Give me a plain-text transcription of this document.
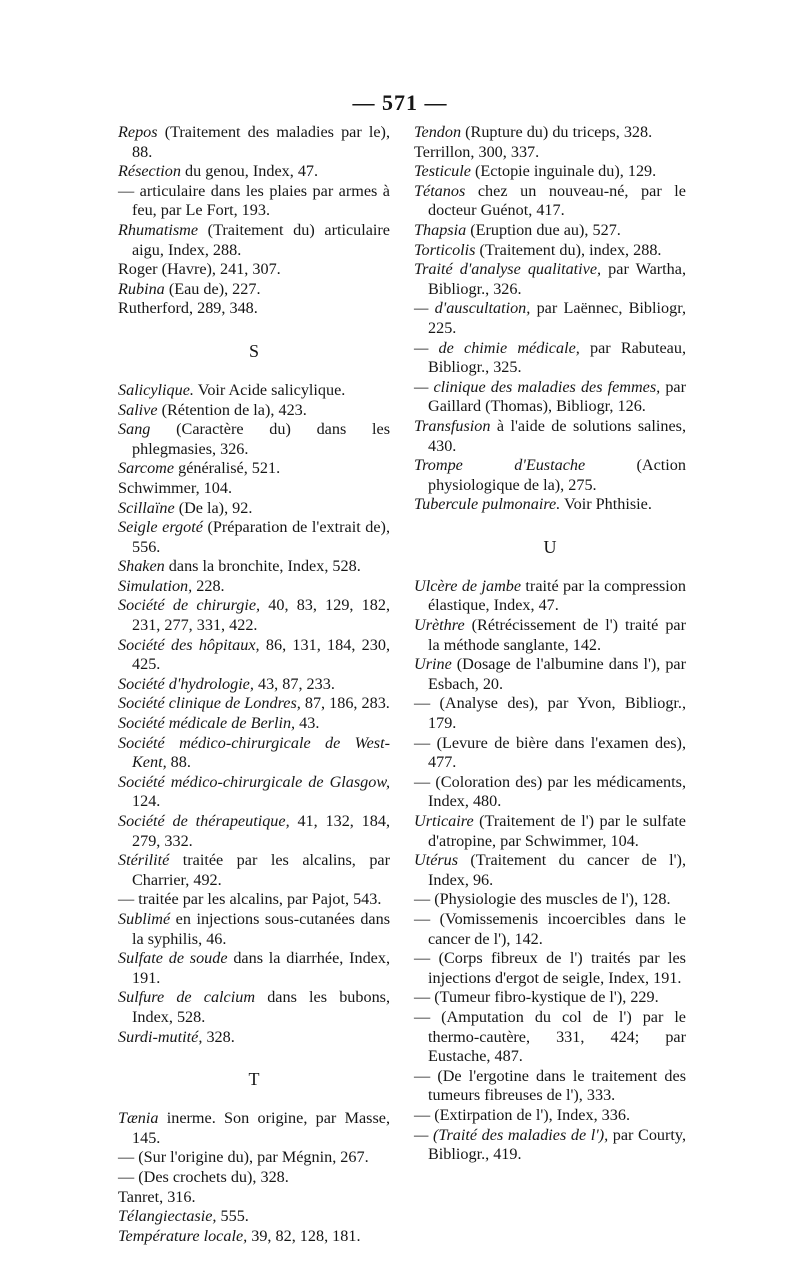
— 571 —

Repos (Traitement des maladies par le), 88.

Résection du genou, Index, 47.

— articulaire dans les plaies par armes à feu, par Le Fort, 193.

Rhumatisme (Traitement du) articulaire aigu, Index, 288.

Roger (Havre), 241, 307.

Rubina (Eau de), 227.

Rutherford, 289, 348.

S

Salicylique. Voir Acide salicylique.

Salive (Rétention de la), 423.

Sang (Caractère du) dans les phlegmasies, 326.

Sarcome généralisé, 521.

Schwimmer, 104.

Scillaïne (De la), 92.

Seigle ergoté (Préparation de l'extrait de), 556.

Shaken dans la bronchite, Index, 528.

Simulation, 228.

Société de chirurgie, 40, 83, 129, 182, 231, 277, 331, 422.

Société des hôpitaux, 86, 131, 184, 230, 425.

Société d'hydrologie, 43, 87, 233.

Société clinique de Londres, 87, 186, 283.

Société médicale de Berlin, 43.

Société médico-chirurgicale de West-Kent, 88.

Société médico-chirurgicale de Glasgow, 124.

Société de thérapeutique, 41, 132, 184, 279, 332.

Stérilité traitée par les alcalins, par Charrier, 492.

— traitée par les alcalins, par Pajot, 543.

Sublimé en injections sous-cutanées dans la syphilis, 46.

Sulfate de soude dans la diarrhée, Index, 191.

Sulfure de calcium dans les bubons, Index, 528.

Surdi-mutité, 328.

T

Tænia inerme. Son origine, par Masse, 145.

— (Sur l'origine du), par Mégnin, 267.

— (Des crochets du), 328.

Tanret, 316.

Télangiectasie, 555.

Température locale, 39, 82, 128, 181.

Tendon (Rupture du) du triceps, 328.

Terrillon, 300, 337.

Testicule (Ectopie inguinale du), 129.

Tétanos chez un nouveau-né, par le docteur Guénot, 417.

Thapsia (Eruption due au), 527.

Torticolis (Traitement du), index, 288.

Traité d'analyse qualitative, par Wartha, Bibliogr., 326.

— d'auscultation, par Laënnec, Bibliogr, 225.

— de chimie médicale, par Rabuteau, Bibliogr., 325.

— clinique des maladies des femmes, par Gaillard (Thomas), Bibliogr, 126.

Transfusion à l'aide de solutions salines, 430.

Trompe d'Eustache (Action physiologique de la), 275.

Tubercule pulmonaire. Voir Phthisie.

U

Ulcère de jambe traité par la compression élastique, Index, 47.

Urèthre (Rétrécissement de l') traité par la méthode sanglante, 142.

Urine (Dosage de l'albumine dans l'), par Esbach, 20.

— (Analyse des), par Yvon, Bibliogr., 179.

— (Levure de bière dans l'examen des), 477.

— (Coloration des) par les médicaments, Index, 480.

Urticaire (Traitement de l') par le sulfate d'atropine, par Schwimmer, 104.

Utérus (Traitement du cancer de l'), Index, 96.

— (Physiologie des muscles de l'), 128.

— (Vomissemenis incoercibles dans le cancer de l'), 142.

— (Corps fibreux de l') traités par les injections d'ergot de seigle, Index, 191.

— (Tumeur fibro-kystique de l'), 229.

— (Amputation du col de l') par le thermo-cautère, 331, 424; par Eustache, 487.

— (De l'ergotine dans le traitement des tumeurs fibreuses de l'), 333.

— (Extirpation de l'), Index, 336.

— (Traité des maladies de l'), par Courty, Bibliogr., 419.
